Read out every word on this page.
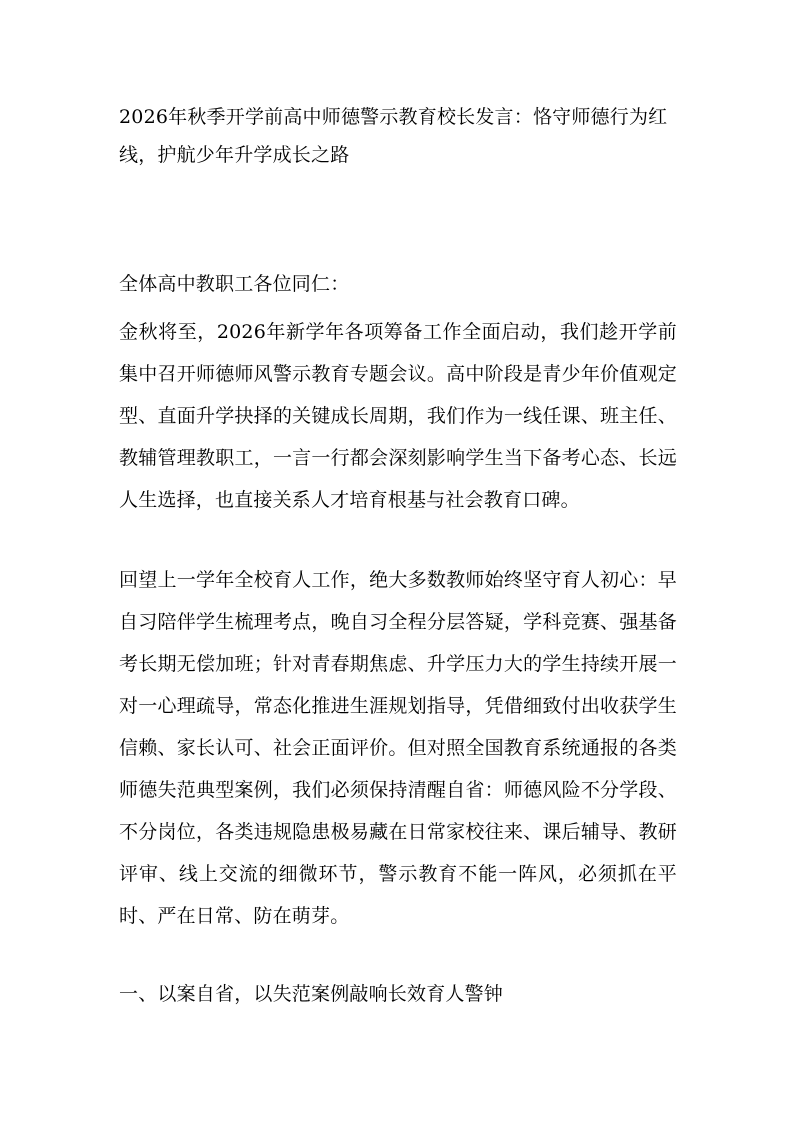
2026年秋季开学前高中师德警示教育校长发言：恪守师德行为红线，护航少年升学成长之路
全体高中教职工各位同仁：
金秋将至，2026年新学年各项筹备工作全面启动，我们趁开学前集中召开师德师风警示教育专题会议。高中阶段是青少年价值观定型、直面升学抉择的关键成长周期，我们作为一线任课、班主任、教辅管理教职工，一言一行都会深刻影响学生当下备考心态、长远人生选择，也直接关系人才培育根基与社会教育口碑。
回望上一学年全校育人工作，绝大多数教师始终坚守育人初心：早自习陪伴学生梳理考点，晚自习全程分层答疑，学科竞赛、强基备考长期无偿加班；针对青春期焦虑、升学压力大的学生持续开展一对一心理疏导，常态化推进生涯规划指导，凭借细致付出收获学生信赖、家长认可、社会正面评价。但对照全国教育系统通报的各类师德失范典型案例，我们必须保持清醒自省：师德风险不分学段、不分岗位，各类违规隐患极易藏在日常家校往来、课后辅导、教研评审、线上交流的细微环节，警示教育不能一阵风，必须抓在平时、严在日常、防在萌芽。
一、以案自省，以失范案例敲响长效育人警钟
